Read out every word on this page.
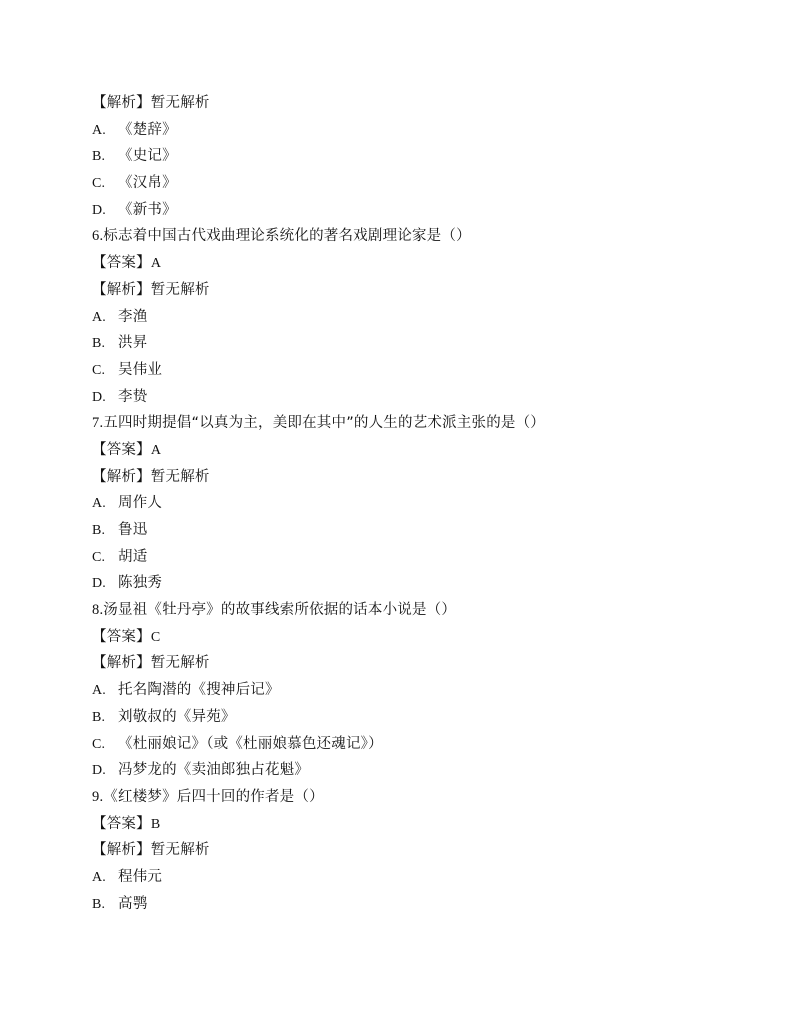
【解析】暂无解析
A. 《楚辞》
B. 《史记》
C. 《汉帛》
D. 《新书》
6.标志着中国古代戏曲理论系统化的著名戏剧理论家是（）
【答案】A
【解析】暂无解析
A. 李渔
B. 洪昇
C. 吴伟业
D. 李贽
7.五四时期提倡“以真为主，美即在其中”的人生的艺术派主张的是（）
【答案】A
【解析】暂无解析
A. 周作人
B. 鲁迅
C. 胡适
D. 陈独秀
8.汤显祖《牡丹亭》的故事线索所依据的话本小说是（）
【答案】C
【解析】暂无解析
A. 托名陶潜的《搜神后记》
B. 刘敬叔的《异苑》
C. 《杜丽娘记》（或《杜丽娘慕色还魂记》）
D. 冯梦龙的《卖油郎独占花魁》
9.《红楼梦》后四十回的作者是（）
【答案】B
【解析】暂无解析
A. 程伟元
B. 高鹗
